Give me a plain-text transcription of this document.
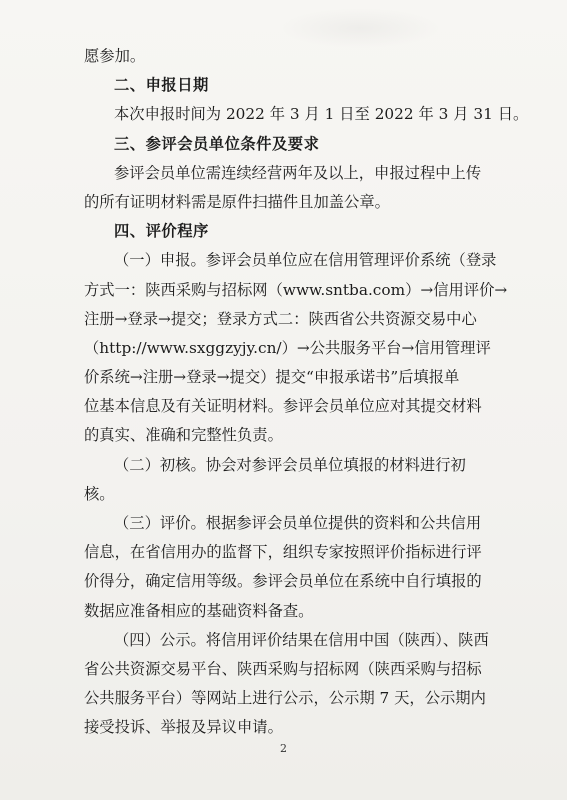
愿参加。
二、申报日期
本次申报时间为 2022 年 3 月 1 日至 2022 年 3 月 31 日。
三、参评会员单位条件及要求
参评会员单位需连续经营两年及以上，申报过程中上传
的所有证明材料需是原件扫描件且加盖公章。
四、评价程序
（一）申报。参评会员单位应在信用管理评价系统（登录
方式一：陕西采购与招标网（www.sntba.com）→信用评价→
注册→登录→提交；登录方式二：陕西省公共资源交易中心
（http://www.sxggzyjy.cn/）→公共服务平台→信用管理评
价系统→注册→登录→提交）提交“申报承诺书”后填报单
位基本信息及有关证明材料。参评会员单位应对其提交材料
的真实、准确和完整性负责。
（二）初核。协会对参评会员单位填报的材料进行初
核。
（三）评价。根据参评会员单位提供的资料和公共信用
信息，在省信用办的监督下，组织专家按照评价指标进行评
价得分，确定信用等级。参评会员单位在系统中自行填报的
数据应准备相应的基础资料备查。
（四）公示。将信用评价结果在信用中国（陕西）、陕西
省公共资源交易平台、陕西采购与招标网（陕西采购与招标
公共服务平台）等网站上进行公示，公示期 7 天，公示期内
接受投诉、举报及异议申请。
2
